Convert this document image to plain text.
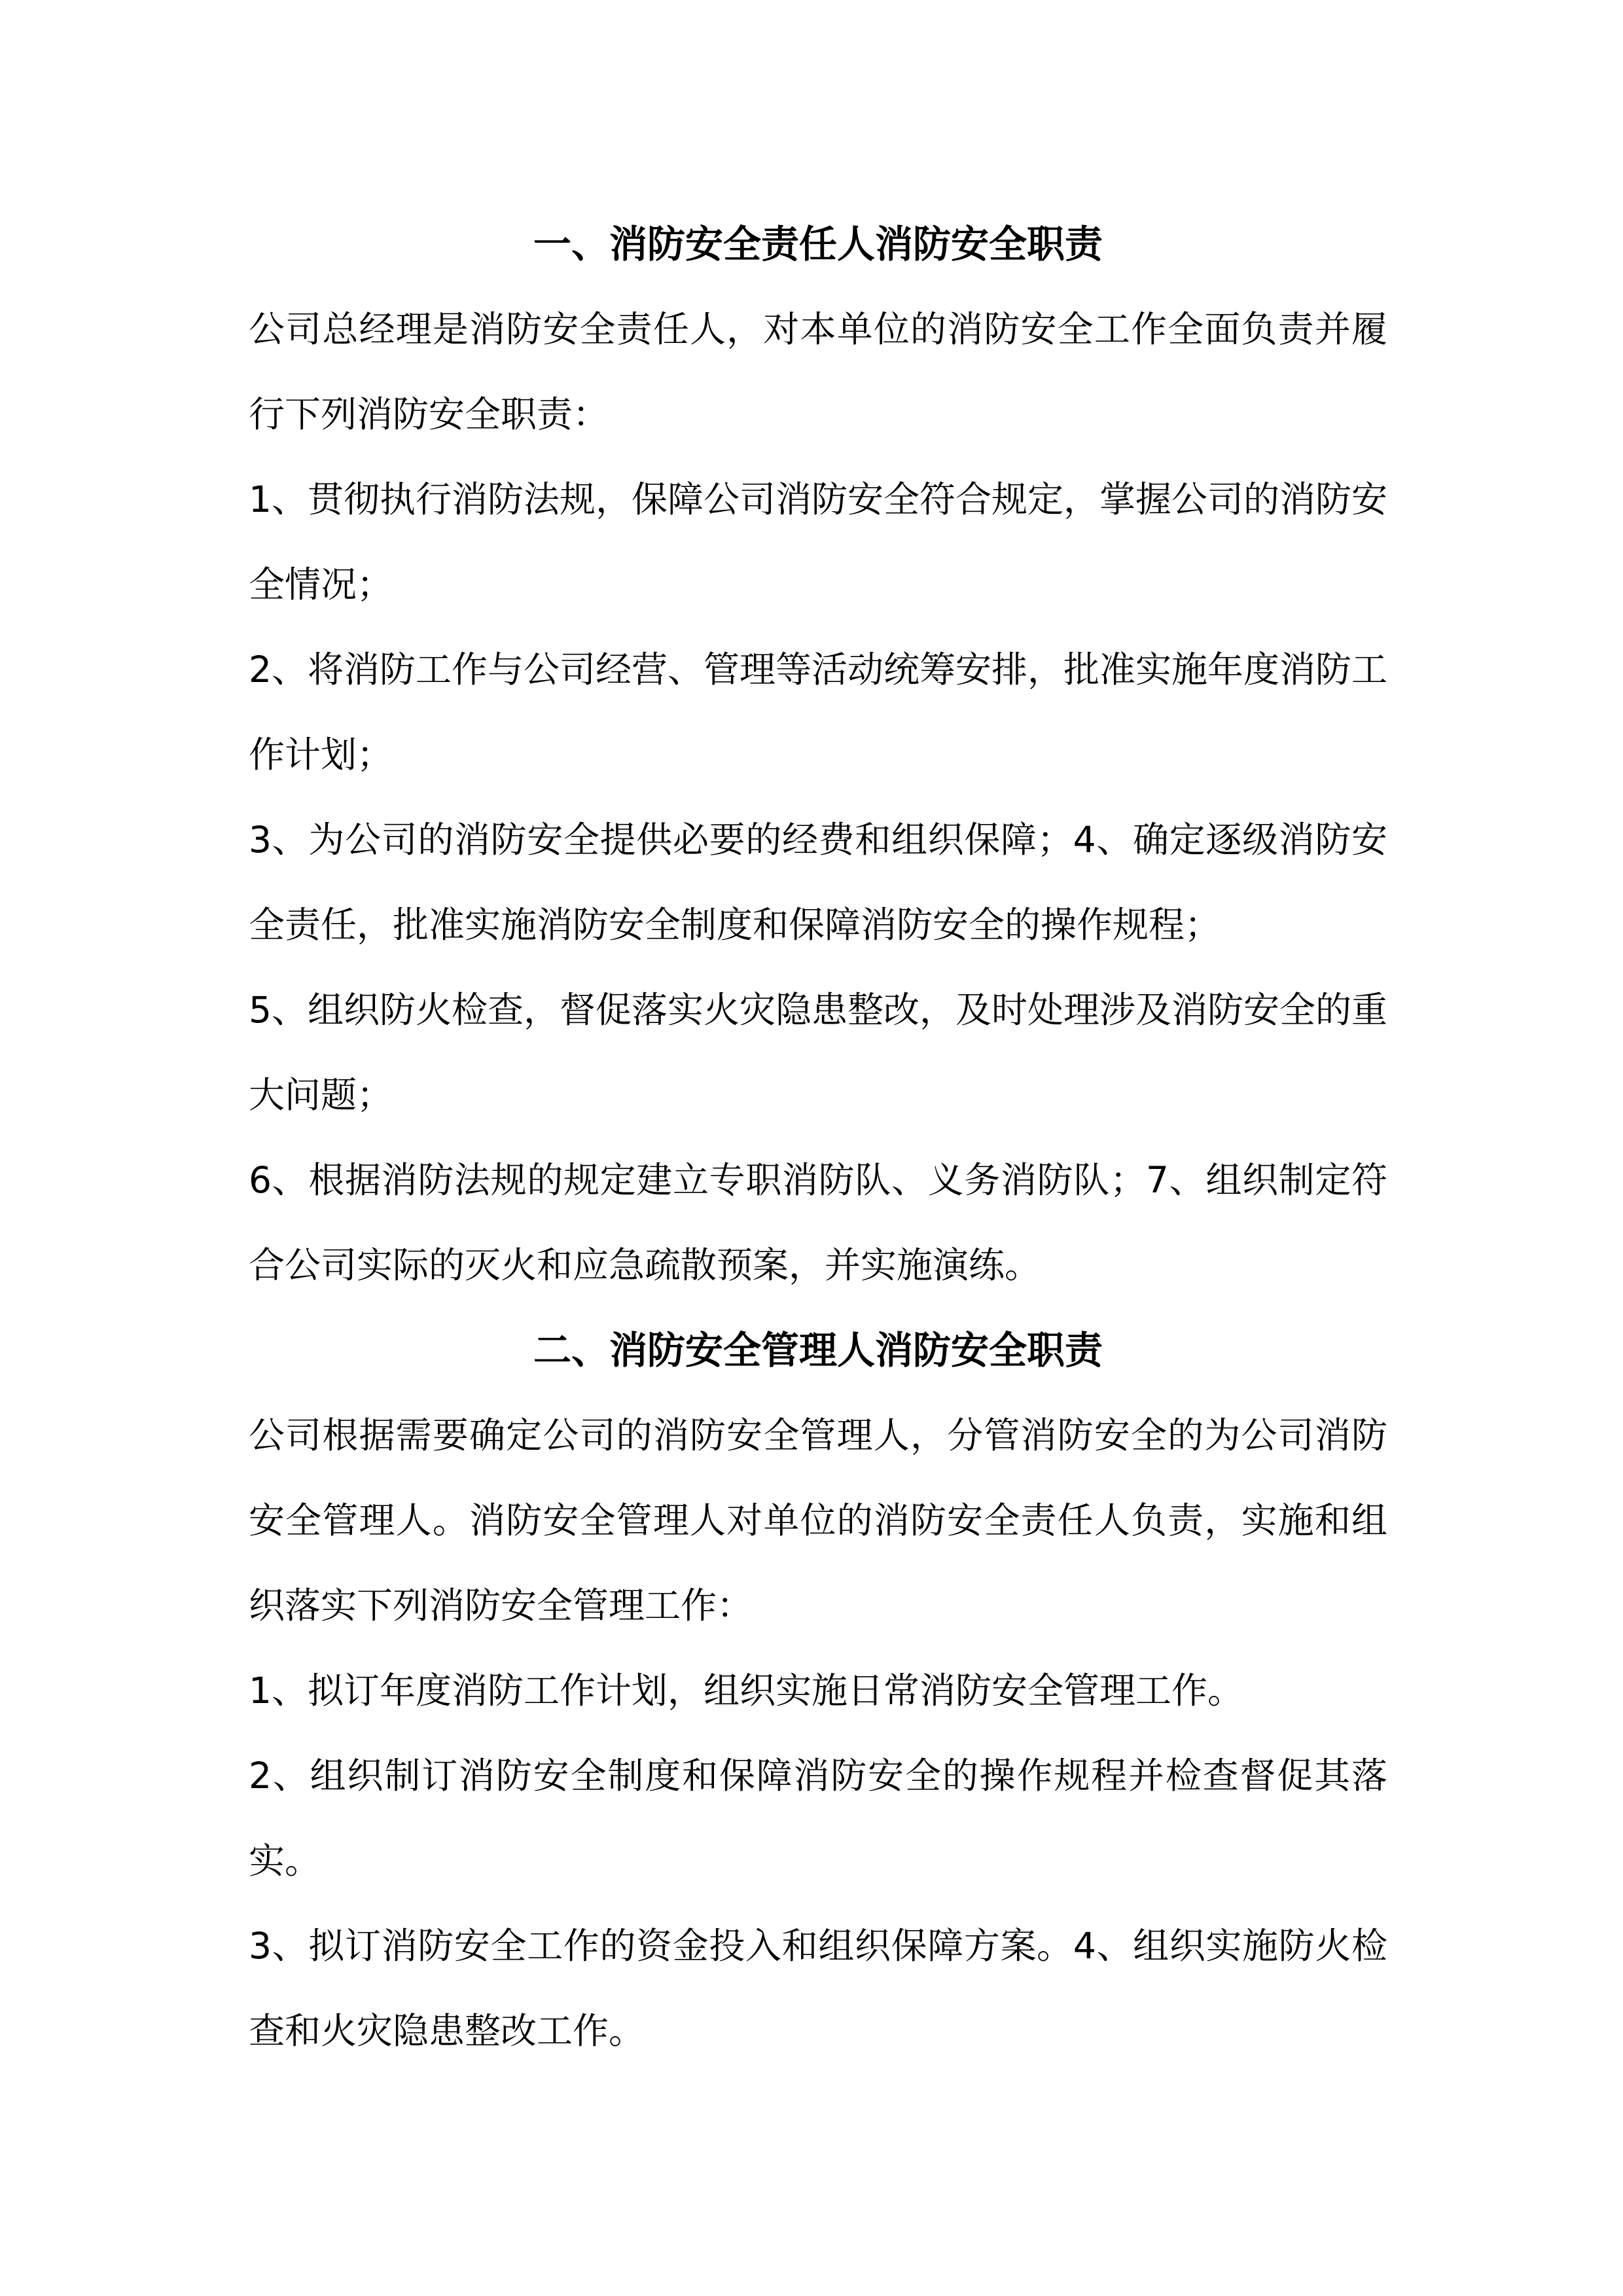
一、消防安全责任人消防安全职责

公司总经理是消防安全责任人，对本单位的消防安全工作全面负责并履行下列消防安全职责：

1、贯彻执行消防法规，保障公司消防安全符合规定，掌握公司的消防安全情况；

2、将消防工作与公司经营、管理等活动统筹安排，批准实施年度消防工作计划；

3、为公司的消防安全提供必要的经费和组织保障；4、确定逐级消防安全责任，批准实施消防安全制度和保障消防安全的操作规程；

5、组织防火检查，督促落实火灾隐患整改，及时处理涉及消防安全的重大问题；

6、根据消防法规的规定建立专职消防队、义务消防队；7、组织制定符合公司实际的灭火和应急疏散预案，并实施演练。

二、消防安全管理人消防安全职责

公司根据需要确定公司的消防安全管理人，分管消防安全的为公司消防安全管理人。消防安全管理人对单位的消防安全责任人负责，实施和组织落实下列消防安全管理工作：

1、拟订年度消防工作计划，组织实施日常消防安全管理工作。

2、组织制订消防安全制度和保障消防安全的操作规程并检查督促其落实。

3、拟订消防安全工作的资金投入和组织保障方案。4、组织实施防火检查和火灾隐患整改工作。
